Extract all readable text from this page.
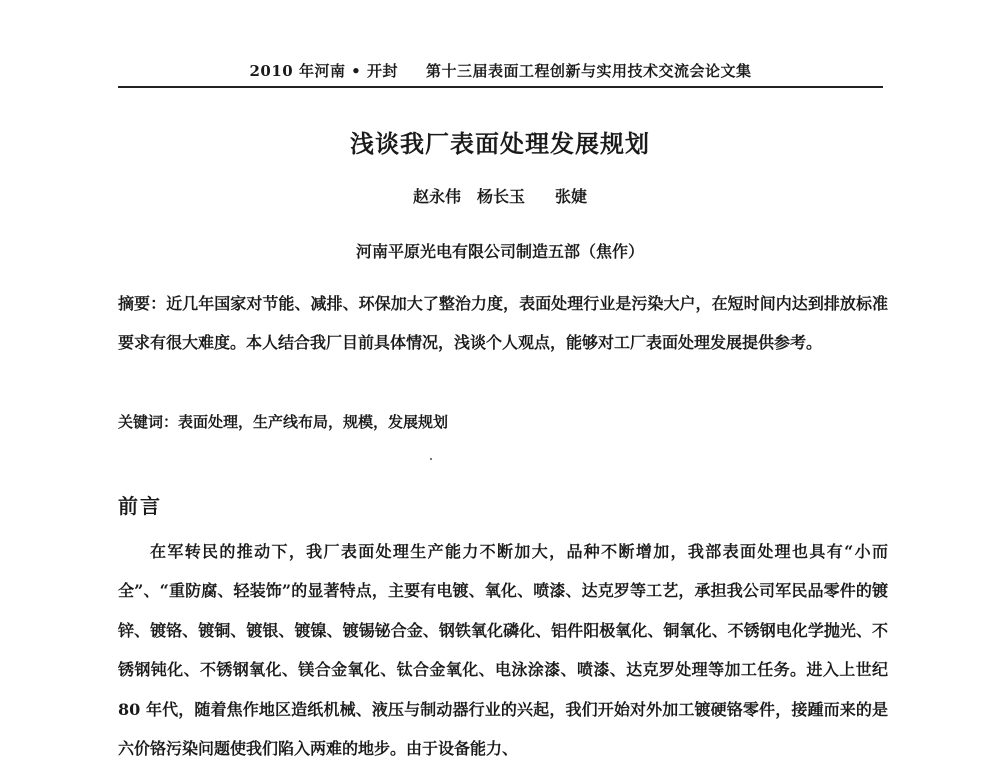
2010 年河南 • 开封 第十三届表面工程创新与实用技术交流会论文集
浅谈我厂表面处理发展规划
赵永伟 杨长玉 张婕
河南平原光电有限公司制造五部（焦作）
摘要：近几年国家对节能、减排、环保加大了整治力度，表面处理行业是污染大户，在短时间内达到排放标准要求有很大难度。本人结合我厂目前具体情况，浅谈个人观点，能够对工厂表面处理发展提供参考。
关键词：表面处理，生产线布局，规模，发展规划
前言

在军转民的推动下，我厂表面处理生产能力不断加大，品种不断增加，我部表面处理也具有“小而全”、“重防腐、轻装饰”的显著特点，主要有电镀、氧化、喷漆、达克罗等工艺，承担我公司军民品零件的镀锌、镀铬、镀铜、镀银、镀镍、镀锡铋合金、钢铁氧化磷化、铝件阳极氧化、铜氧化、不锈钢电化学抛光、不锈钢钝化、不锈钢氧化、镁合金氧化、钛合金氧化、电泳涂漆、喷漆、达克罗处理等加工任务。进入上世纪 80 年代，随着焦作地区造纸机械、液压与制动器行业的兴起，我们开始对外加工镀硬铬零件，接踵而来的是六价铬污染问题使我们陷入两难的地步。由于设备能力、
